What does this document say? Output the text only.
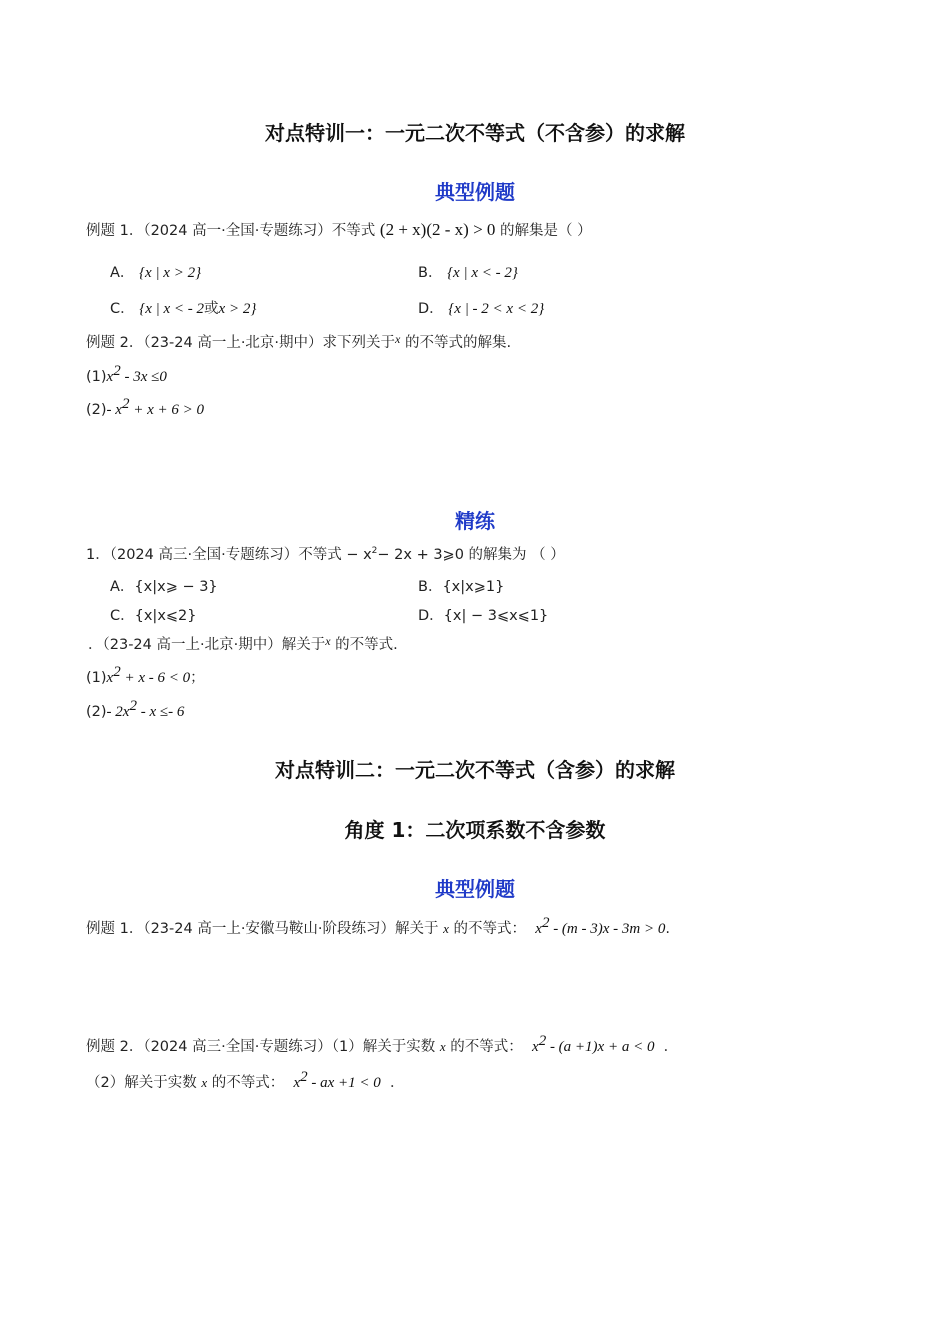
对点特训一：一元二次不等式（不含参）的求解
典型例题
例题 1．（2024 高一·全国·专题练习）不等式 (2 + x)(2 - x) > 0 的解集是（ ）
A． {x | x > 2}	B． {x | x < - 2}
C． {x | x < - 2或x > 2}	D． {x | - 2 < x < 2}
例题 2．（23-24 高一上·北京·期中）求下列关于$^x$ 的不等式的解集.
$(1)x^2 - 3x \le 0$
(2)- $x^2 + x + 6 > 0$
精练
1．（2024 高三·全国·专题练习）不等式 − $x^2- 2x$ + 3⩾0 的解集为 （ ）
A．{x|x⩾ − 3}	B．{x|x⩾1}
C．{x|x⩽2}	D．{x| − 3⩽x⩽1}
．（23-24 高一上·北京·期中）解关于$^x$ 的不等式.
$(1)x^2 + x - 6 < 0$；
(2)- $2x^2 - x \le- 6$
对点特训二：一元二次不等式（含参）的求解
角度 1：二次项系数不含参数
典型例题
例题 1．（23-24 高一上·安徽马鞍山·阶段练习）解关于 x 的不等式： $x^2 - (m - 3)x - 3m > 0$.
例题 2．（2024 高三·全国·专题练习）（1）解关于实数 x 的不等式： $x^2 - (a +1)x + a < 0$ ．
（2）解关于实数 x 的不等式： $x^2$ - ax +1 < 0 ．
